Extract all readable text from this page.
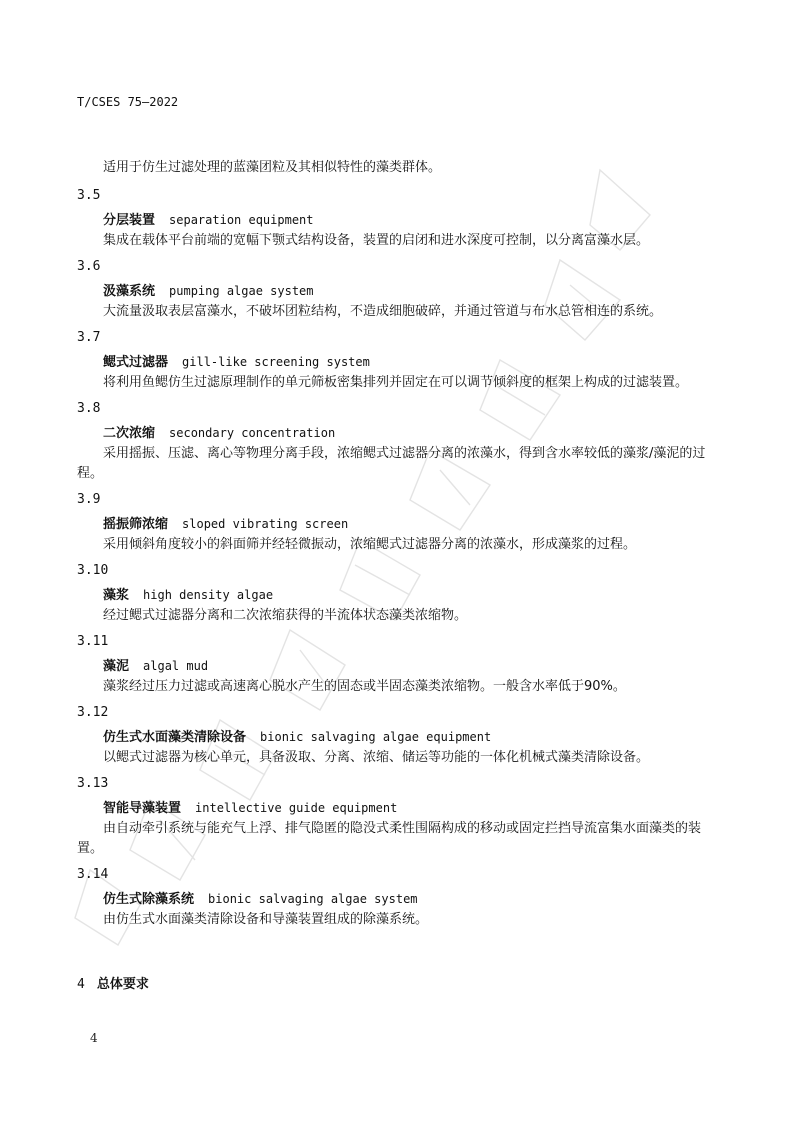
T/CSES 75—2022
适用于仿生过滤处理的蓝藻团粒及其相似特性的藻类群体。
3.5
分层装置 separation equipment
集成在载体平台前端的宽幅下颚式结构设备，装置的启闭和进水深度可控制，以分离富藻水层。
3.6
汲藻系统 pumping algae system
大流量汲取表层富藻水，不破坏团粒结构，不造成细胞破碎，并通过管道与布水总管相连的系统。
3.7
鳃式过滤器 gill-like screening system
将利用鱼鳃仿生过滤原理制作的单元筛板密集排列并固定在可以调节倾斜度的框架上构成的过滤装置。
3.8
二次浓缩 secondary concentration
采用摇振、压滤、离心等物理分离手段，浓缩鳃式过滤器分离的浓藻水，得到含水率较低的藻浆/藻泥的过程。
3.9
摇振筛浓缩 sloped vibrating screen
采用倾斜角度较小的斜面筛并经轻微振动，浓缩鳃式过滤器分离的浓藻水，形成藻浆的过程。
3.10
藻浆 high density algae
经过鳃式过滤器分离和二次浓缩获得的半流体状态藻类浓缩物。
3.11
藻泥 algal mud
藻浆经过压力过滤或高速离心脱水产生的固态或半固态藻类浓缩物。一般含水率低于90%。
3.12
仿生式水面藻类清除设备 bionic salvaging algae equipment
以鳃式过滤器为核心单元，具备汲取、分离、浓缩、储运等功能的一体化机械式藻类清除设备。
3.13
智能导藻装置 intellective guide equipment
由自动牵引系统与能充气上浮、排气隐匿的隐没式柔性围隔构成的移动或固定拦挡导流富集水面藻类的装置。
3.14
仿生式除藻系统 bionic salvaging algae system
由仿生式水面藻类清除设备和导藻装置组成的除藻系统。
4 总体要求
4
